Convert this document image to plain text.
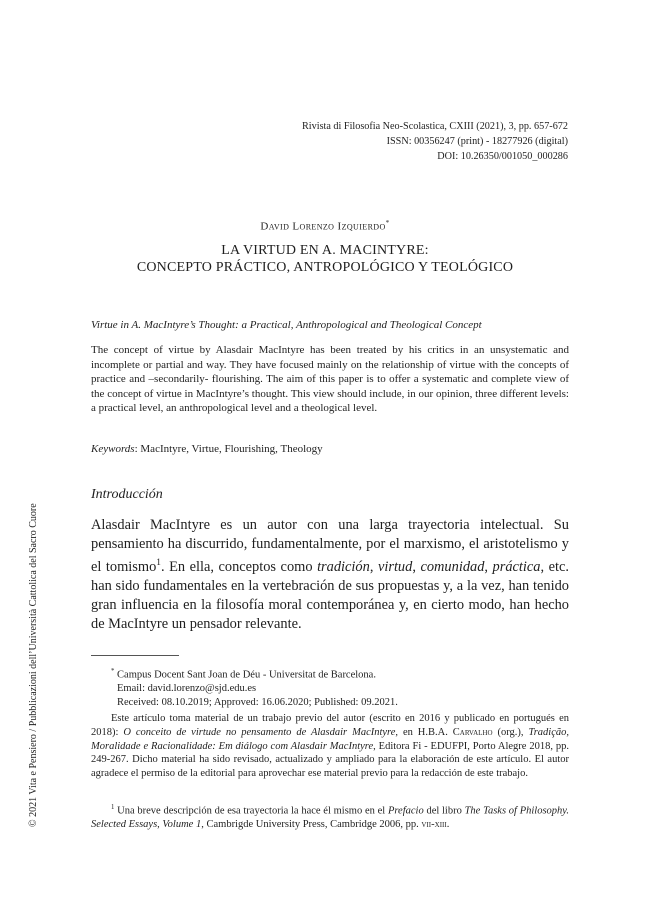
Rivista di Filosofia Neo-Scolastica, CXIII (2021), 3, pp. 657-672
ISSN: 00356247 (print) - 18277926 (digital)
DOI: 10.26350/001050_000286
David Lorenzo Izquierdo*
LA VIRTUD EN A. MACINTYRE:
CONCEPTO PRÁCTICO, ANTROPOLÓGICO Y TEOLÓGICO
Virtue in A. MacIntyre’s Thought: a Practical, Anthropological and Theological Concept

The concept of virtue by Alasdair MacIntyre has been treated by his critics in an unsystematic and incomplete or partial and way. They have focused mainly on the relationship of virtue with the concepts of practice and –secondarily- flourishing. The aim of this paper is to offer a systematic and complete view of the concept of virtue in MacIntyre’s thought. This view should include, in our opinion, three different levels: a practical level, an anthropological level and a theological level.

Keywords: MacIntyre, Virtue, Flourishing, Theology
Introducción

Alasdair MacIntyre es un autor con una larga trayectoria intelectual. Su pensamiento ha discurrido, fundamentalmente, por el marxismo, el aristotelismo y el tomismo$^1$. En ella, conceptos como tradición, virtud, comunidad, práctica, etc. han sido fundamentales en la vertebración de sus propuestas y, a la vez, han tenido gran influencia en la filosofía moral contemporánea y, en cierto modo, han hecho de MacIntyre un pensador relevante.

* Campus Docent Sant Joan de Déu - Universitat de Barcelona.
Email: david.lorenzo@sjd.edu.es
Received: 08.10.2019; Approved: 16.06.2020; Published: 09.2021.

Este artículo toma material de un trabajo previo del autor (escrito en 2016 y publicado en portugués en 2018): O conceito de virtude no pensamento de Alasdair MacIntyre, en H.B.A. Carvalho (org.), Tradição, Moralidade e Racionalidade: Em diálogo com Alasdair MacIntyre, Editora Fi - EDUFPI, Porto Alegre 2018, pp. 249-267. Dicho material ha sido revisado, actualizado y ampliado para la elaboración de este artículo. El autor agradece el permiso de la editorial para aprovechar ese material previo para la redacción de este trabajo.

$^1$ Una breve descripción de esa trayectoria la hace él mismo en el Prefacio del libro The Tasks of Philosophy. Selected Essays, Volume 1, Cambrigde University Press, Cambridge 2006, pp. vii-xiii.

© 2021 Vita e Pensiero / Pubblicazioni dell’Università Cattolica del Sacro Cuore
